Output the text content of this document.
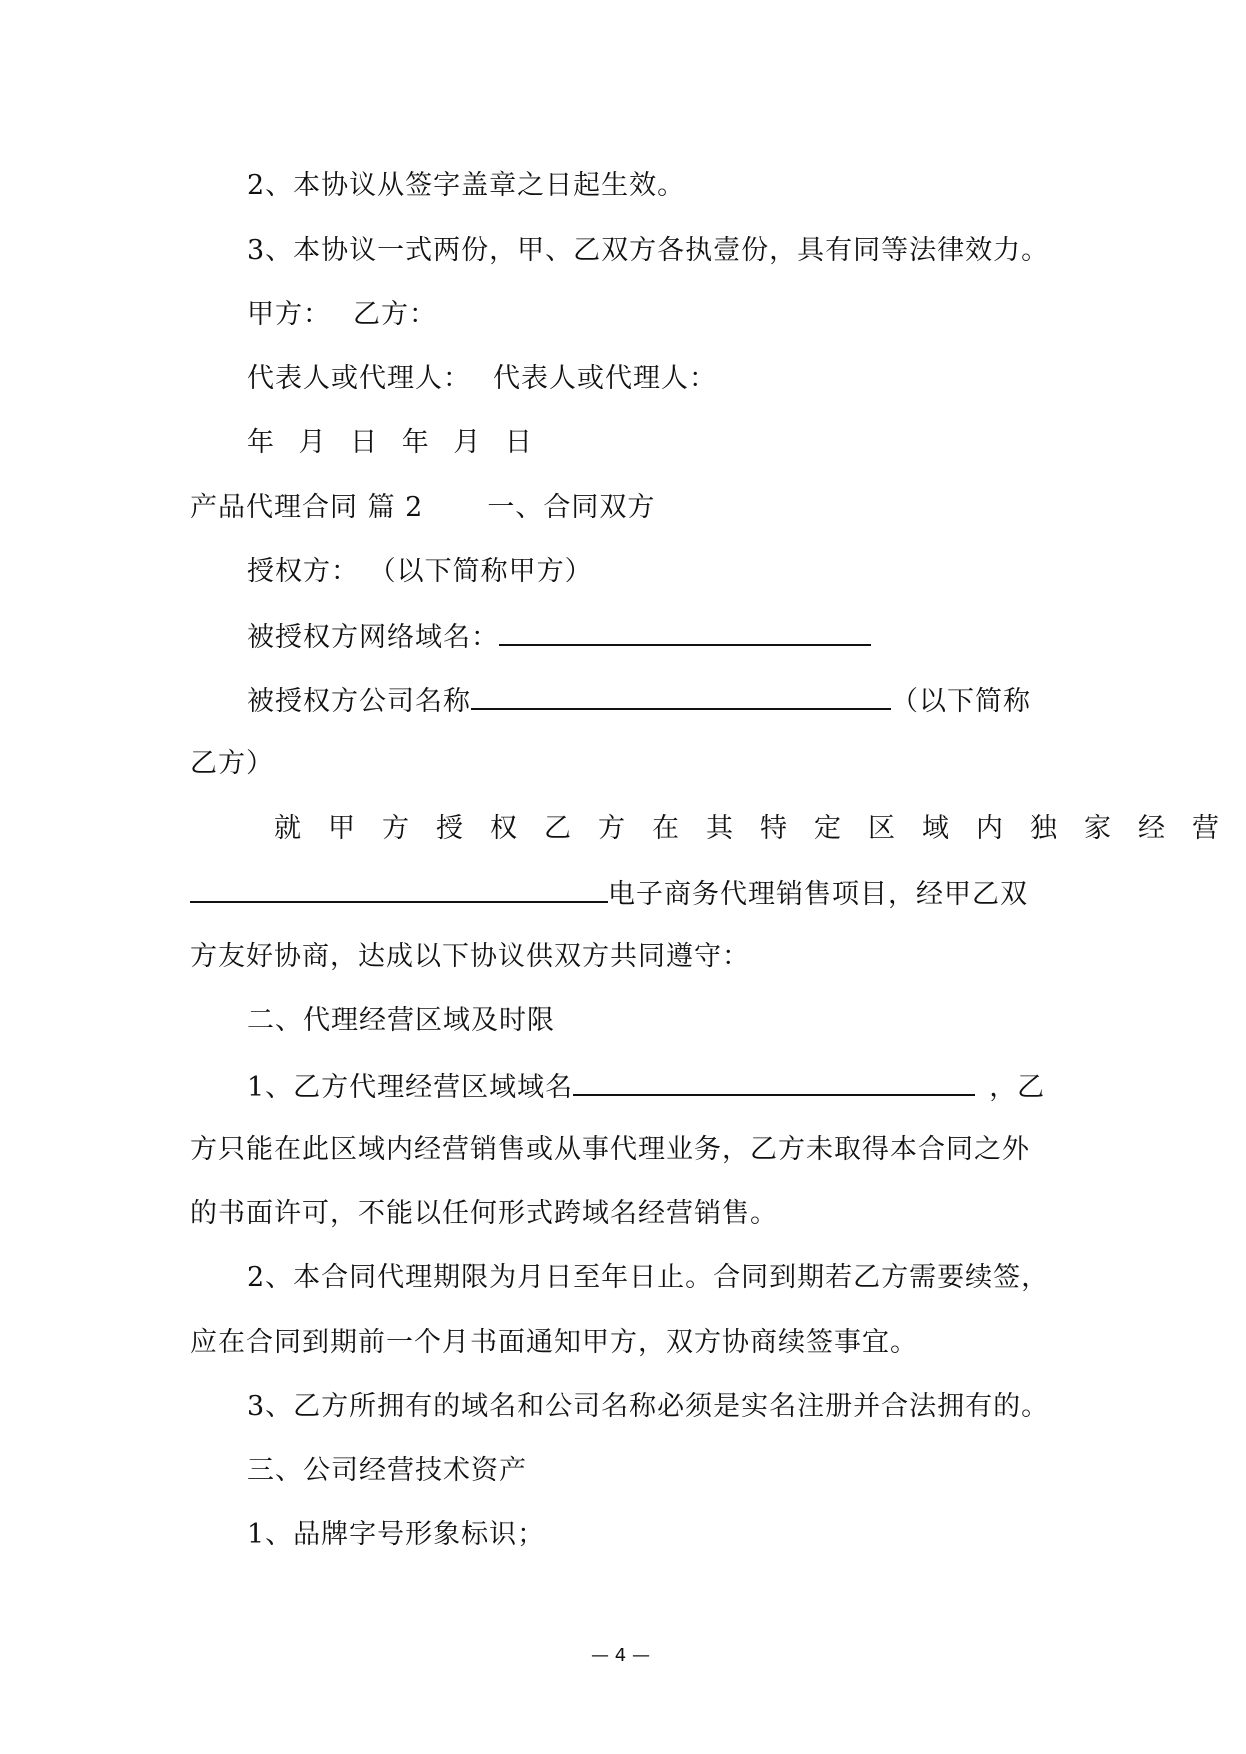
2、本协议从签字盖章之日起生效。
3、本协议一式两份，甲、乙双方各执壹份，具有同等法律效力。
甲方： 乙方：
代表人或代理人： 代表人或代理人：
年 月 日 年 月 日
产品代理合同 篇 2 一、合同双方
授权方： （以下简称甲方）
被授权方网络域名：
被授权方公司名称	（以下简称
乙方）
就甲方授权乙方在其特定区域内独家经营
电子商务代理销售项目，经甲乙双
方友好协商，达成以下协议供双方共同遵守：
二、代理经营区域及时限
1、乙方代理经营区域域名	，乙
方只能在此区域内经营销售或从事代理业务，乙方未取得本合同之外
的书面许可，不能以任何形式跨域名经营销售。
2、本合同代理期限为月日至年日止。合同到期若乙方需要续签，
应在合同到期前一个月书面通知甲方，双方协商续签事宜。
3、乙方所拥有的域名和公司名称必须是实名注册并合法拥有的。
三、公司经营技术资产
1、品牌字号形象标识；
— 4 —
